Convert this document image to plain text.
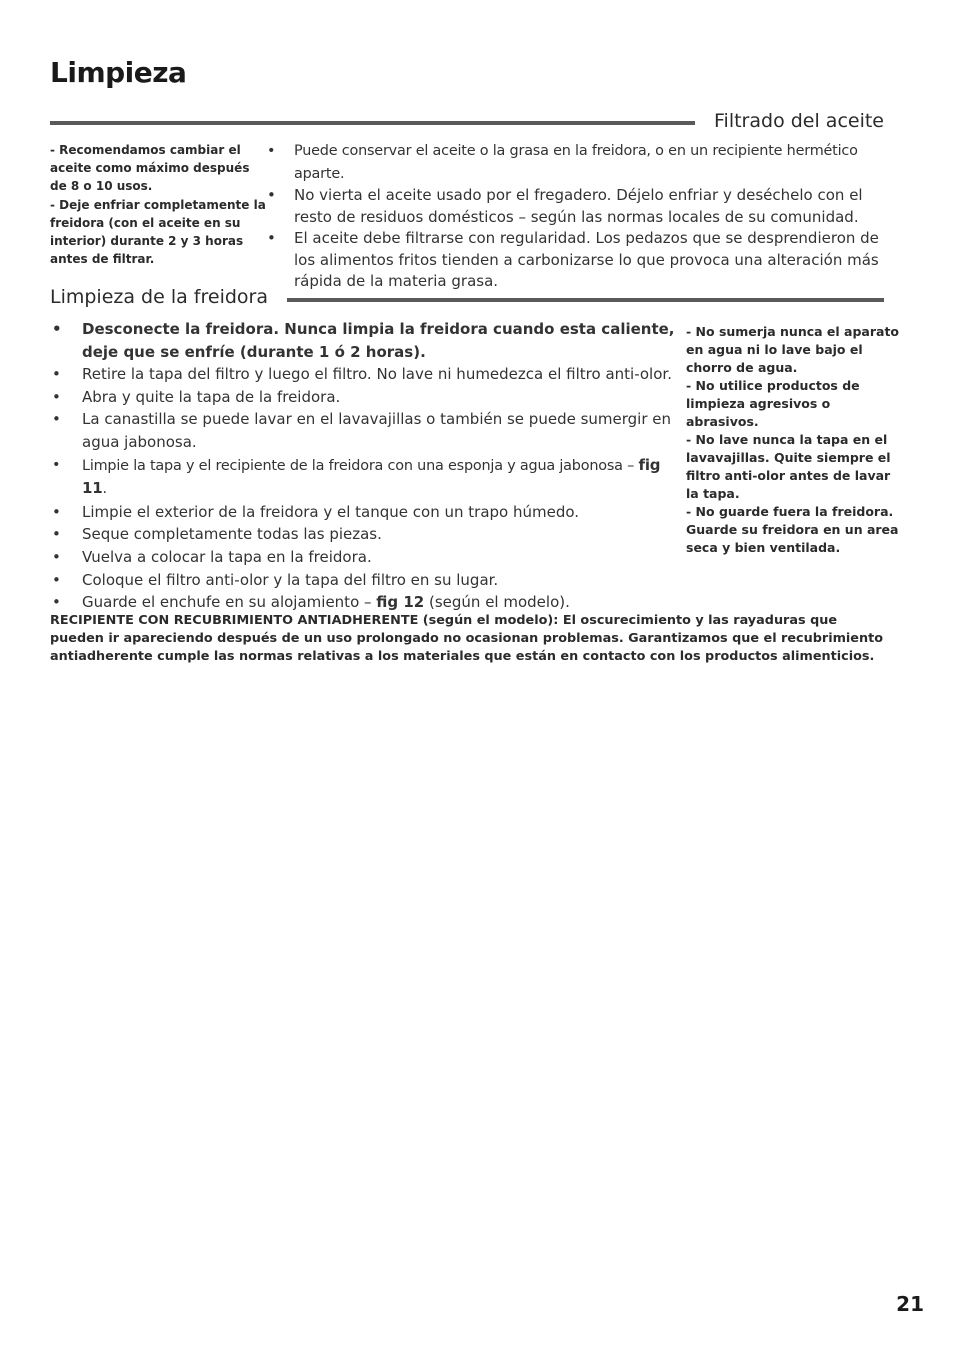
Limpieza
Filtrado del aceite

- Recomendamos cambiar el aceite como máximo después de 8 o 10 usos.

- Deje enfriar completamente la freidora (con el aceite en su interior) durante 2 y 3 horas antes de filtrar.

• Puede conservar el aceite o la grasa en la freidora, o en un recipiente hermético aparte.
• No vierta el aceite usado por el fregadero. Déjelo enfriar y deséchelo con el resto de residuos domésticos – según las normas locales de su comunidad.
• El aceite debe filtrarse con regularidad. Los pedazos que se desprendieron de los alimentos fritos tienden a carbonizarse lo que provoca una alteración más rápida de la materia grasa.
Limpieza de la freidora
• Desconecte la freidora. Nunca limpia la freidora cuando esta caliente, deje que se enfríe (durante 1 ó 2 horas).
• Retire la tapa del filtro y luego el filtro. No lave ni humedezca el filtro anti-olor.
• Abra y quite la tapa de la freidora.
• La canastilla se puede lavar en el lavavajillas o también se puede sumergir en agua jabonosa.
• Limpie la tapa y el recipiente de la freidora con una esponja y agua jabonosa – fig 11.
• Limpie el exterior de la freidora y el tanque con un trapo húmedo.
• Seque completamente todas las piezas.
• Vuelva a colocar la tapa en la freidora.
• Coloque el filtro anti-olor y la tapa del filtro en su lugar.
• Guarde el enchufe en su alojamiento – fig 12 (según el modelo).

- No sumerja nunca el aparato en agua ni lo lave bajo el chorro de agua.

- No utilice productos de limpieza agresivos o abrasivos.

- No lave nunca la tapa en el lavavajillas. Quite siempre el filtro anti-olor antes de lavar la tapa.

- No guarde fuera la freidora. Guarde su freidora en un area seca y bien ventilada.

RECIPIENTE CON RECUBRIMIENTO ANTIADHERENTE (según el modelo): El oscurecimiento y las rayaduras que pueden ir apareciendo después de un uso prolongado no ocasionan problemas. Garantizamos que el recubrimiento antiadherente cumple las normas relativas a los materiales que están en contacto con los productos alimenticios.

21
